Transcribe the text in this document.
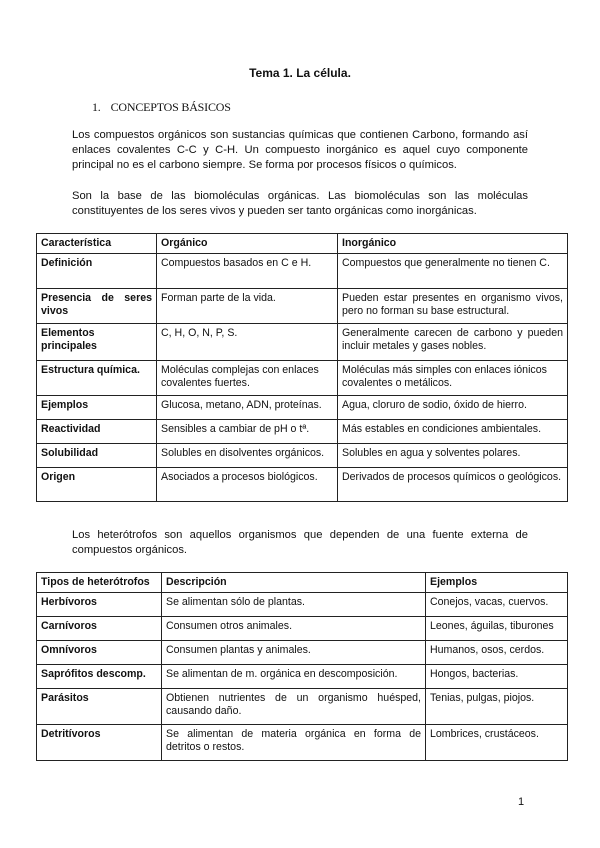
Tema 1. La célula.
1. CONCEPTOS BÁSICOS

Los compuestos orgánicos son sustancias químicas que contienen Carbono, formando así enlaces covalentes C-C y C-H. Un compuesto inorgánico es aquel cuyo componente principal no es el carbono siempre. Se forma por procesos físicos o químicos.

Son la base de las biomoléculas orgánicas. Las biomoléculas son las moléculas constituyentes de los seres vivos y pueden ser tanto orgánicas como inorgánicas.

Característica	Orgánico	Inorgánico
Definición	Compuestos basados en C e H.	Compuestos que generalmente no tienen C.
Presencia de seres vivos	Forman parte de la vida.	Pueden estar presentes en organismo vivos, pero no forman su base estructural.
Elementos principales	C, H, O, N, P, S.	Generalmente carecen de carbono y pueden incluir metales y gases nobles.
Estructura química.	Moléculas complejas con enlaces covalentes fuertes.	Moléculas más simples con enlaces iónicos covalentes o metálicos.
Ejemplos	Glucosa, metano, ADN, proteínas.	Agua, cloruro de sodio, óxido de hierro.
Reactividad	Sensibles a cambiar de pH o tª.	Más estables en condiciones ambientales.
Solubilidad	Solubles en disolventes orgánicos.	Solubles en agua y solventes polares.
Origen	Asociados a procesos biológicos.	Derivados de procesos químicos o geológicos.

Los heterótrofos son aquellos organismos que dependen de una fuente externa de compuestos orgánicos.

Tipos de heterótrofos	Descripción	Ejemplos
Herbívoros	Se alimentan sólo de plantas.	Conejos, vacas, cuervos.
Carnívoros	Consumen otros animales.	Leones, águilas, tiburones
Omnívoros	Consumen plantas y animales.	Humanos, osos, cerdos.
Saprófitos descomp.	Se alimentan de m. orgánica en descomposición.	Hongos, bacterias.
Parásitos	Obtienen nutrientes de un organismo huésped, causando daño.	Tenias, pulgas, piojos.
Detritívoros	Se alimentan de materia orgánica en forma de detritos o restos.	Lombrices, crustáceos.
1
